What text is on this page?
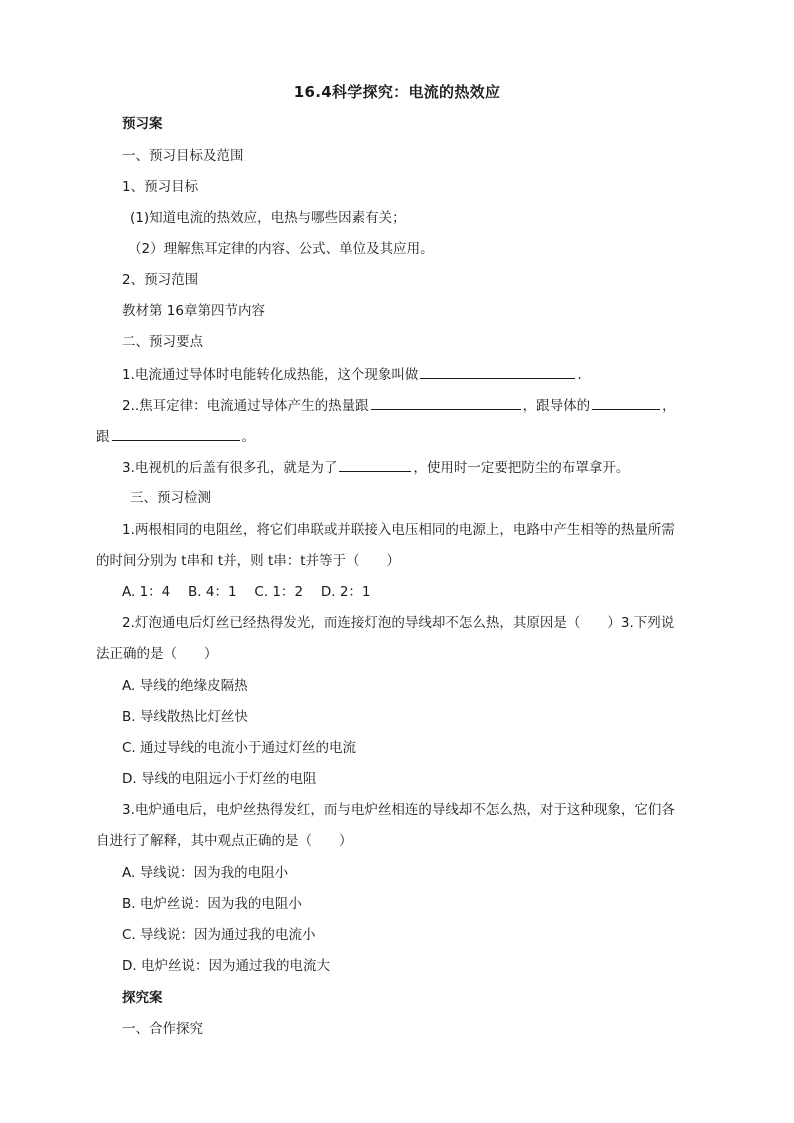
16.4科学探究：电流的热效应
预习案
一、预习目标及范围
1、预习目标
(1)知道电流的热效应，电热与哪些因素有关；
（2）理解焦耳定律的内容、公式、单位及其应用。
2、预习范围
教材第 16章第四节内容
二、预习要点
1.电流通过导体时电能转化成热能，这个现象叫做	.
2..焦耳定律：电流通过导体产生的热量跟	，跟导体的	，
跟	。
3.电视机的后盖有很多孔，就是为了	，使用时一定要把防尘的布罩拿开。
三、预习检测
1.两根相同的电阻丝，将它们串联或并联接入电压相同的电源上，电路中产生相等的热量所需
的时间分别为 t串和 t并，则 t串：t并等于（　　）
A. 1：4　 B. 4：1　 C. 1：2　 D. 2：1
2.灯泡通电后灯丝已经热得发光，而连接灯泡的导线却不怎么热，其原因是（　　）3.下列说
法正确的是（　　）
A. 导线的绝缘皮隔热
B. 导线散热比灯丝快
C. 通过导线的电流小于通过灯丝的电流
D. 导线的电阻远小于灯丝的电阻
3.电炉通电后，电炉丝热得发红，而与电炉丝相连的导线却不怎么热，对于这种现象，它们各
自进行了解释，其中观点正确的是（　　）
A. 导线说：因为我的电阻小
B. 电炉丝说：因为我的电阻小
C. 导线说：因为通过我的电流小
D. 电炉丝说：因为通过我的电流大
探究案
一、合作探究
